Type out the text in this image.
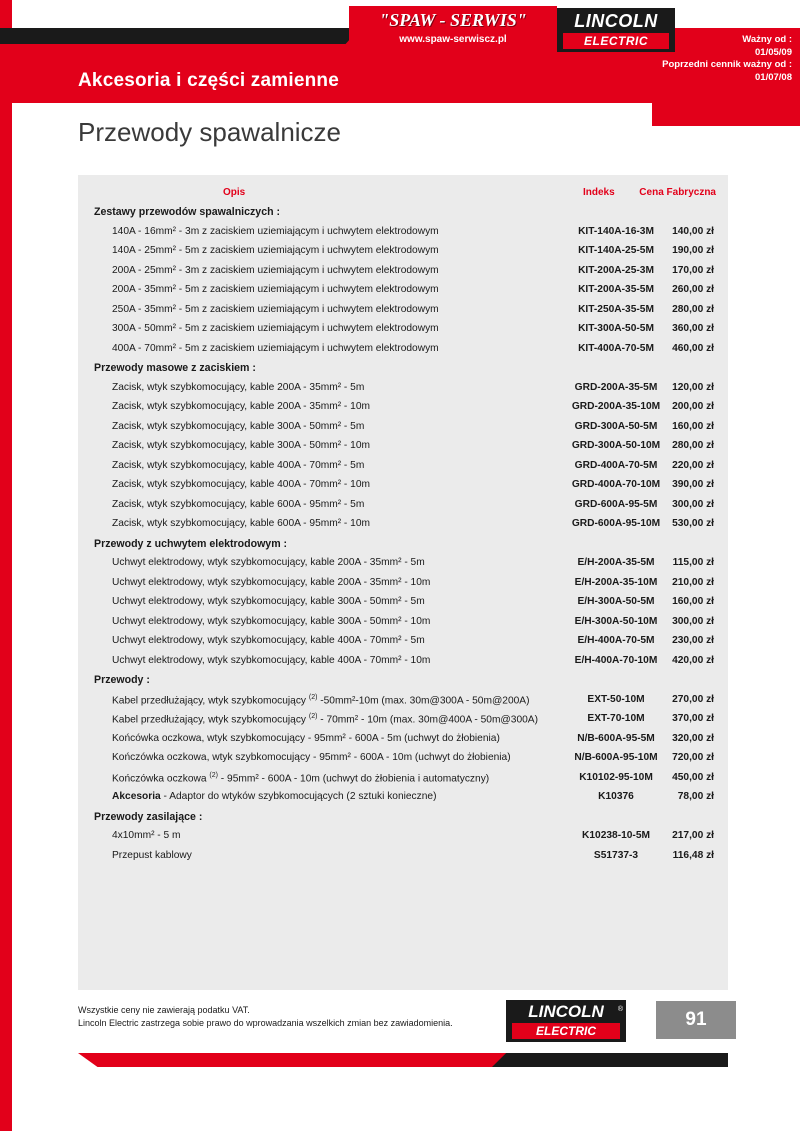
Akcesoria i części zamienne
"SPAW - SERWIS"
www.spaw-serwiscz.pl
LINCOLN
ELECTRIC	Ważny od :
01/05/09
Poprzedni cennik ważny od :
01/07/08
Przewody spawalnicze
Opis	Indeks Cena Fabryczna
Zestawy przewodów spawalniczych :
140A - 16mm² - 3m z zaciskiem uziemiającym i uchwytem elektrodowym	KIT-140A-16-3M	140,00 zł
140A - 25mm² - 5m z zaciskiem uziemiającym i uchwytem elektrodowym	KIT-140A-25-5M	190,00 zł
200A - 25mm² - 3m z zaciskiem uziemiającym i uchwytem elektrodowym	KIT-200A-25-3M	170,00 zł
200A - 35mm² - 5m z zaciskiem uziemiającym i uchwytem elektrodowym	KIT-200A-35-5M	260,00 zł
250A - 35mm² - 5m z zaciskiem uziemiającym i uchwytem elektrodowym	KIT-250A-35-5M	280,00 zł
300A - 50mm² - 5m z zaciskiem uziemiającym i uchwytem elektrodowym	KIT-300A-50-5M	360,00 zł
400A - 70mm² - 5m z zaciskiem uziemiającym i uchwytem elektrodowym	KIT-400A-70-5M	460,00 zł
Przewody masowe z zaciskiem :
Zacisk, wtyk szybkomocujący, kable 200A - 35mm² - 5m	GRD-200A-35-5M	120,00 zł
Zacisk, wtyk szybkomocujący, kable 200A - 35mm² - 10m	GRD-200A-35-10M	200,00 zł
Zacisk, wtyk szybkomocujący, kable 300A - 50mm² - 5m	GRD-300A-50-5M	160,00 zł
Zacisk, wtyk szybkomocujący, kable 300A - 50mm² - 10m	GRD-300A-50-10M	280,00 zł
Zacisk, wtyk szybkomocujący, kable 400A - 70mm² - 5m	GRD-400A-70-5M	220,00 zł
Zacisk, wtyk szybkomocujący, kable 400A - 70mm² - 10m	GRD-400A-70-10M	390,00 zł
Zacisk, wtyk szybkomocujący, kable 600A - 95mm² - 5m	GRD-600A-95-5M	300,00 zł
Zacisk, wtyk szybkomocujący, kable 600A - 95mm² - 10m	GRD-600A-95-10M	530,00 zł
Przewody z uchwytem elektrodowym :
Uchwyt elektrodowy, wtyk szybkomocujący, kable 200A - 35mm² - 5m	E/H-200A-35-5M	115,00 zł
Uchwyt elektrodowy, wtyk szybkomocujący, kable 200A - 35mm² - 10m	E/H-200A-35-10M	210,00 zł
Uchwyt elektrodowy, wtyk szybkomocujący, kable 300A - 50mm² - 5m	E/H-300A-50-5M	160,00 zł
Uchwyt elektrodowy, wtyk szybkomocujący, kable 300A - 50mm² - 10m	E/H-300A-50-10M	300,00 zł
Uchwyt elektrodowy, wtyk szybkomocujący, kable 400A - 70mm² - 5m	E/H-400A-70-5M	230,00 zł
Uchwyt elektrodowy, wtyk szybkomocujący, kable 400A - 70mm² - 10m	E/H-400A-70-10M	420,00 zł
Przewody :
Kabel przedłużający, wtyk szybkomocujący $^{(2)}$ -50mm²-10m (max. 30m@300A - 50m@200A)	EXT-50-10M	270,00 zł
Kabel przedłużający, wtyk szybkomocujący $^{(2)}$ - 70mm² - 10m (max. 30m@400A - 50m@300A)	EXT-70-10M	370,00 zł
Końcówka oczkowa, wtyk szybkomocujący - 95mm² - 600A - 5m (uchwyt do żłobienia)	N/B-600A-95-5M	320,00 zł
Kończówka oczkowa, wtyk szybkomocujący - 95mm² - 600A - 10m (uchwyt do żłobienia)	N/B-600A-95-10M	720,00 zł
Kończówka oczkowa $^{(2)}$ - 95mm² - 600A - 10m (uchwyt do żłobienia i automatyczny)	K10102-95-10M	450,00 zł
Akcesoria - Adaptor do wtyków szybkomocujących (2 sztuki konieczne)	K10376	78,00 zł
Przewody zasilające :
4x10mm² - 5 m	K10238-10-5M	217,00 zł
Przepust kablowy	S51737-3	116,48 zł
Wszystkie ceny nie zawierają podatku VAT.
Lincoln Electric zastrzega sobie prawo do wprowadzania wszelkich zmian bez zawiadomienia.
LINCOLN	®
ELECTRIC
91
